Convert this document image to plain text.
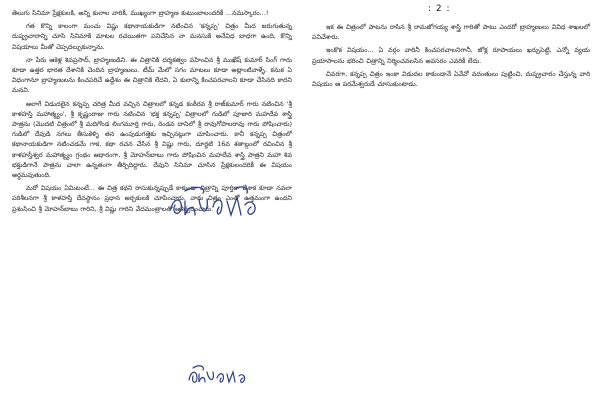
తెలుగు సినిమా ప్రేక్షకులకి, అన్ని కులాల వారికీ, ముఖ్యంగా బ్రాహ్మణ కుటుంబాలందరికీ ...నమస్కారం...!

గత కొన్ని కాలంగా మంచు విష్ణు కథానాయకుడిగా నటించిన 'కన్నప్ప' చిత్రం మీద జరుగుతున్న దుష్ప్రచారాన్ని చూసి సినిమాకి మాటల రచయితగా పనిచేసిన నా మనసుకి అనేవిధ బాధగా ఉంది, కొన్ని విషయాలు మీతో చెప్పదల్చుకున్నాను.

నా పేరు ఆకెళ్ల శివప్రసాద్, బ్రాహ్మణుడిని. ఈ చిత్రానికి దర్శకత్వం వహించిన శ్రీ ముఖేష్ కుమార్ సింగ్ గారు కూడా ఉత్తర భారత దేశానికి చెందిన బ్రాహ్మణులు. టీమ్ మేలో సగం మాటలు కూడా అట్లాంటివాళ్ళే. కనుక ఏ విధంగానూ బ్రాహ్మణులను కించపరిచే ఉద్దేశం ఈ చిత్రానికి లేదని, ఏ కులాన్ని కించపరచాలని కూడా చేసినది కాదని మనవి.

అలాగే విడుదలైన కన్నప్ప చరిత్ర మీద వచ్చిన చిత్రాలలో కన్నడ కంఠీరవ శ్రీ రాజ్‌కుమార్ గారు నటించిన 'శ్రీ కాళహస్తి మహాత్మ్యం', శ్రీ కృష్ణంరాజు గారు నటించిన 'భక్త కన్నప్ప' చిత్రాలలో గుడిలో పూజారి మహదేవ శాస్త్రి పాత్రను (మొదటి చిత్రంలో శ్రీ మదిగొండ లింగమూర్తి గారు, రెండవ దానిలో శ్రీ రావుగోపాలరావు గారు పోషించారు) గుడిలో దేవుడి నగలు తీసుకెళ్ళి తన ఉంపుడుగత్తెకు ఇచ్చినట్లుగా చూపించారు. కానీ కన్నప్ప చిత్రంలో కథానాయకుడిగా నటించడమే గాక, కథా రచన చేసిన శ్రీ విష్ణు గారు, దూర్జటి 16వ శతాబ్దంలో రచించిన శ్రీ కాళహస్తీశ్వర మహాత్మ్యం గ్రంథం ఆధారంగా, శ్రీ మోహన్‌బాబు గారు పోషించిన మహదేవ శాస్త్రి పాత్రని మహా శివ భక్తుడిగానే పాత్రను చాలా ఉన్నతంగా తీర్చిదిద్దారు. దేవుని సినిమా చూసిన ప్రేక్షకులందరికీ ఈ విషయం అర్థమవుతుంది.

మరో విషయం ఏమిటంటే... ఈ చిత్ర కథని రాసుకున్నప్పుడే కాకుండా చిత్రాన్ని పూర్తిగా చేశాక కూడా నవలా పరిశీలనగా శ్రీ కాళహస్తి దేవస్థానం ప్రధాన అర్చకులకి చూపించారు. వారు చిత్రం ఎంతో ఉత్తమంగా ఉందని ప్రశంసించి శ్రీ మోహన్‌బాబు గారిని, శ్రీ విష్ణు గారిని వేదమంత్రాలతో ఆశీర్వదించారు.

: 2 :

ఇక ఈ చిత్రంలో పాటను రాసిన శ్రీ రామజోగయ్య శాస్త్రి గారితో పాటు ఎందరో బ్రాహ్మణులు వివిధ శాఖలలో పనిచేశారు.

ఇంకొక విషయం... ఏ వర్గం వారినీ కించపరచాలనిగానీ, జోక్ల రూపాయలు ఖర్చుపెట్టి, ఎన్నో వ్యయ ప్రయాసాలను భరించి చిత్రాన్ని నిర్మించవలసిన అవసరం ఎవరికీ లేదు.

చివరగా, కన్నప్ప చిత్రం ఇంకా విడుదల కాకుండానే ఏవేవో వదంతులు పుట్టించి, దుష్ప్రచారం చేస్తున్న వారి విషయం ఆ పరమేశ్వరుడే చూసుకుంటాడు.
